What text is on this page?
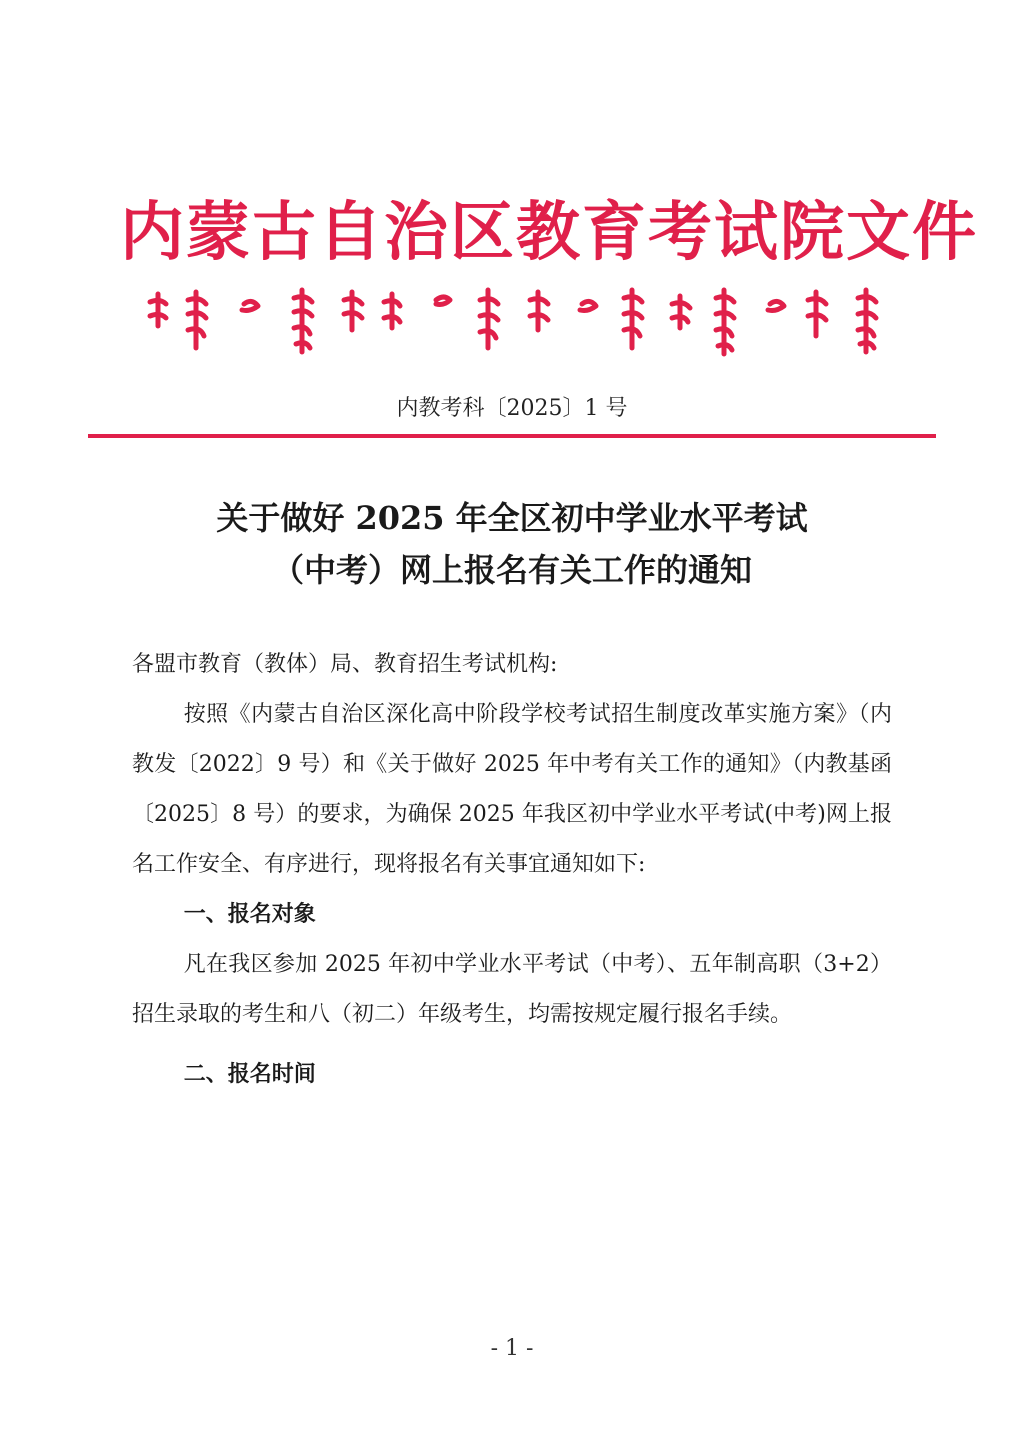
内蒙古自治区教育考试院文件
内教考科〔2025〕1 号
关于做好 2025 年全区初中学业水平考试
（中考）网上报名有关工作的通知

各盟市教育（教体）局、教育招生考试机构:

按照《内蒙古自治区深化高中阶段学校考试招生制度改革实施方案》（内教发〔2022〕9 号）和《关于做好 2025 年中考有关工作的通知》（内教基函〔2025〕8 号）的要求，为确保 2025 年我区初中学业水平考试(中考)网上报名工作安全、有序进行，现将报名有关事宜通知如下:

一、报名对象

凡在我区参加 2025 年初中学业水平考试（中考）、五年制高职（3+2）招生录取的考生和八（初二）年级考生，均需按规定履行报名手续。

二、报名时间

- 1 -
